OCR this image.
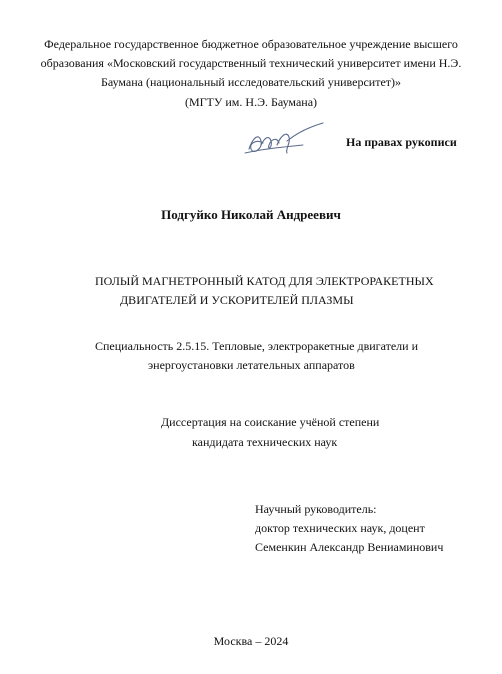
Федеральное государственное бюджетное образовательное учреждение высшего
образования «Московский государственный технический университет имени Н.Э.
Баумана (национальный исследовательский университет)»
(МГТУ им. Н.Э. Баумана)
На правах рукописи
Подгуйко Николай Андреевич
ПОЛЫЙ МАГНЕТРОННЫЙ КАТОД ДЛЯ ЭЛЕКТРОРАКЕТНЫХ
ДВИГАТЕЛЕЙ И УСКОРИТЕЛЕЙ ПЛАЗМЫ
Специальность 2.5.15. Тепловые, электроракетные двигатели и
энергоустановки летательных аппаратов
Диссертация на соискание учёной степени
кандидата технических наук
Научный руководитель:
доктор технических наук, доцент
Семенкин Александр Вениаминович
Москва – 2024
